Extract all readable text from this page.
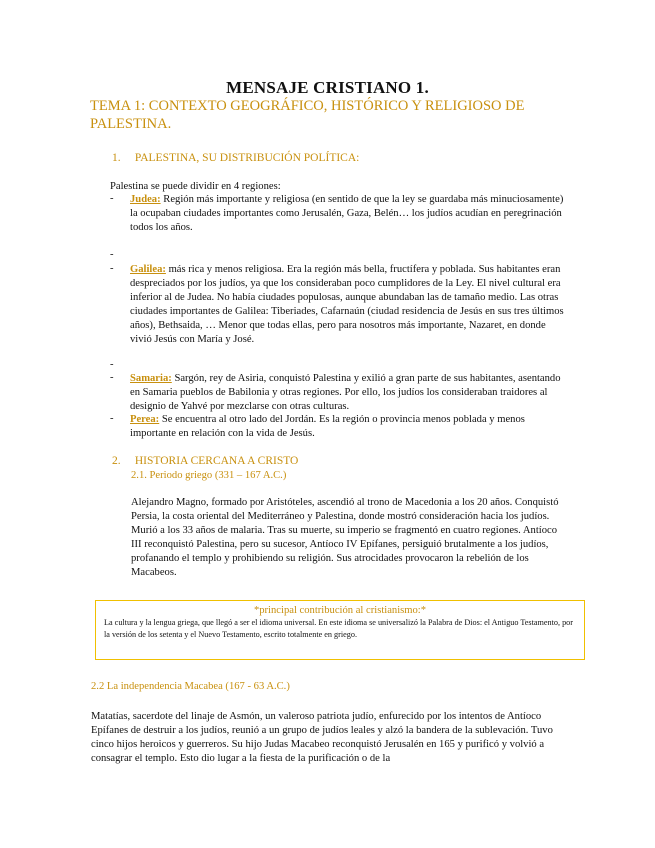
MENSAJE CRISTIANO 1.
TEMA 1: CONTEXTO GEOGRÁFICO, HISTÓRICO Y RELIGIOSO DE PALESTINA.
1. PALESTINA, SU DISTRIBUCIÓN POLÍTICA:
Palestina se puede dividir en 4 regiones:
- Judea: Región más importante y religiosa (en sentido de que la ley se guardaba más minuciosamente) la ocupaban ciudades importantes como Jerusalén, Gaza, Belén… los judíos acudían en peregrinación todos los años.
-
- Galilea: más rica y menos religiosa. Era la región más bella, fructífera y poblada. Sus habitantes eran despreciados por los judíos, ya que los consideraban poco cumplidores de la Ley. El nivel cultural era inferior al de Judea. No había ciudades populosas, aunque abundaban las de tamaño medio. Las otras ciudades importantes de Galilea: Tiberiades, Cafarnaún (ciudad residencia de Jesús en sus tres últimos años), Bethsaida, … Menor que todas ellas, pero para nosotros más importante, Nazaret, en donde vivió Jesús con María y José.
-
- Samaria: Sargón, rey de Asiria, conquistó Palestina y exilió a gran parte de sus habitantes, asentando en Samaria pueblos de Babilonia y otras regiones. Por ello, los judíos los consideraban traidores al designio de Yahvé por mezclarse con otras culturas.
- Perea: Se encuentra al otro lado del Jordán. Es la región o provincia menos poblada y menos importante en relación con la vida de Jesús.
2. HISTORIA CERCANA A CRISTO
2.1. Periodo griego (331 – 167 A.C.)
Alejandro Magno, formado por Aristóteles, ascendió al trono de Macedonia a los 20 años. Conquistó Persia, la costa oriental del Mediterráneo y Palestina, donde mostró consideración hacia los judíos. Murió a los 33 años de malaria. Tras su muerte, su imperio se fragmentó en cuatro regiones. Antíoco III reconquistó Palestina, pero su sucesor, Antíoco IV Epífanes, persiguió brutalmente a los judíos, profanando el templo y prohibiendo su religión. Sus atrocidades provocaron la rebelión de los Macabeos.
*principal contribución al cristianismo:*
La cultura y la lengua griega, que llegó a ser el idioma universal. En este idioma se universalizó la Palabra de Dios: el Antiguo Testamento, por la versión de los setenta y el Nuevo Testamento, escrito totalmente en griego.
2.2 La independencia Macabea (167 - 63 A.C.)
Matatías, sacerdote del linaje de Asmón, un valeroso patriota judío, enfurecido por los intentos de Antíoco Epífanes de destruir a los judíos, reunió a un grupo de judíos leales y alzó la bandera de la sublevación. Tuvo cinco hijos heroicos y guerreros. Su hijo Judas Macabeo reconquistó Jerusalén en 165 y purificó y volvió a consagrar el templo. Esto dio lugar a la fiesta de la purificación o de la
